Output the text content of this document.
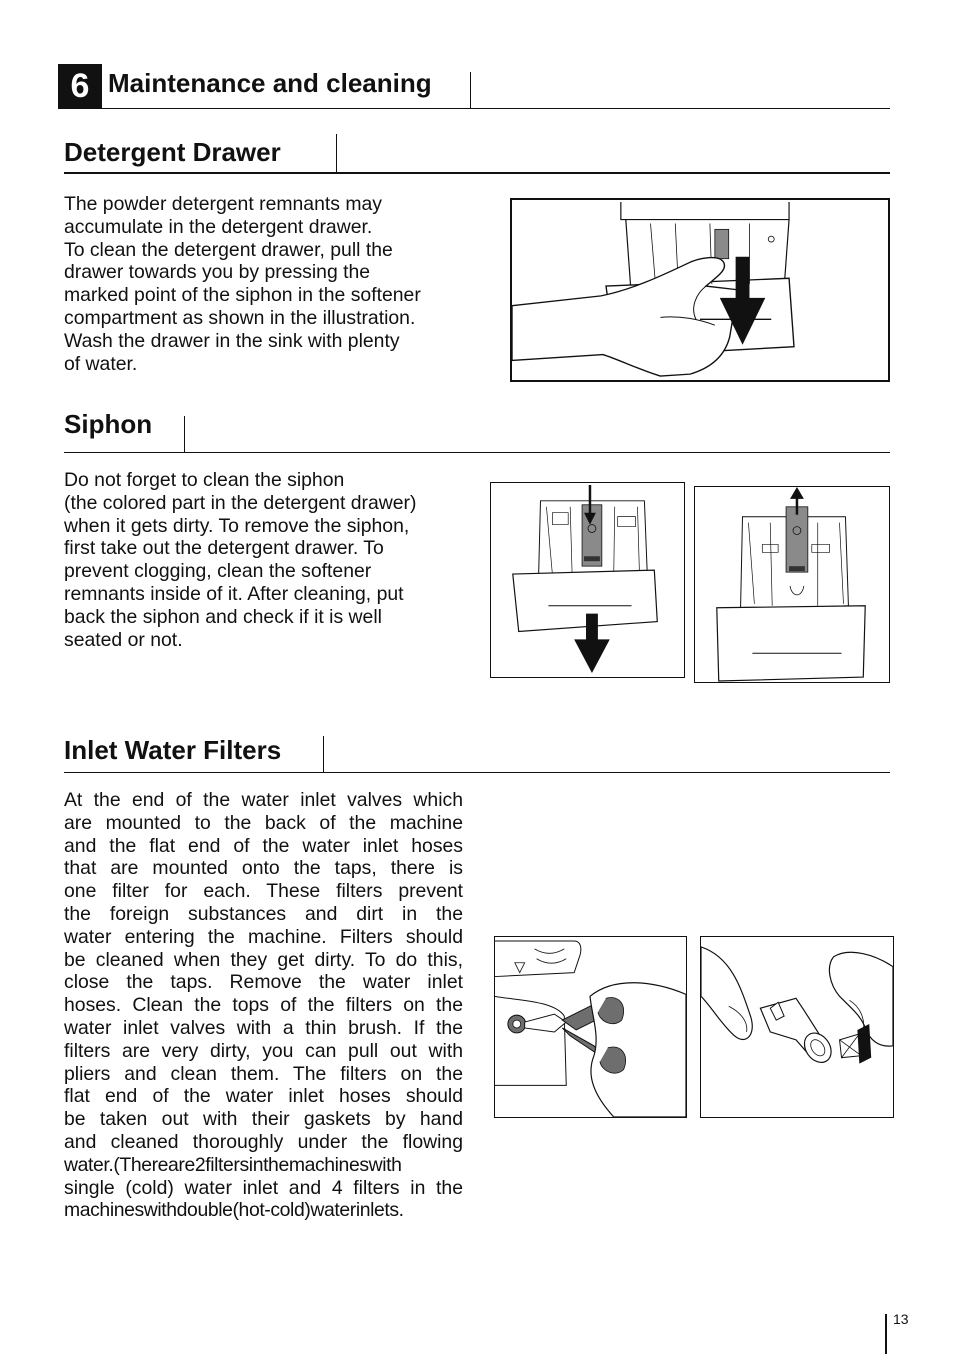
6 Maintenance and cleaning
Detergent Drawer

The powder detergent remnants may

accumulate in the detergent drawer.

To clean the detergent drawer, pull the

drawer towards you by pressing the

marked point of the siphon in the softener

compartment as shown in the illustration.

Wash the drawer in the sink with plenty

of water.

Siphon

Do not forget to clean the siphon

(the colored part in the detergent drawer)

when it gets dirty. To remove the siphon,

first take out the detergent drawer. To

prevent clogging, clean the softener

remnants inside of it. After cleaning, put

back the siphon and check if it is well

seated or not.

Inlet Water Filters

At the end of the water inlet valves which

are mounted to the back of the machine

and the flat end of the water inlet hoses

that are mounted onto the taps, there is

one filter for each. These filters prevent

the foreign substances and dirt in the

water entering the machine. Filters should

be cleaned when they get dirty. To do this,

close the taps. Remove the water inlet

hoses. Clean the tops of the filters on the

water inlet valves with a thin brush. If the

filters are very dirty, you can pull out with

pliers and clean them. The filters on the

flat end of the water inlet hoses should

be taken out with their gaskets by hand

and cleaned thoroughly under the flowing

water.(Thereare2filtersinthemachineswith

single (cold) water inlet and 4 filters in the

machineswithdouble(hot-cold)waterinlets.

13
